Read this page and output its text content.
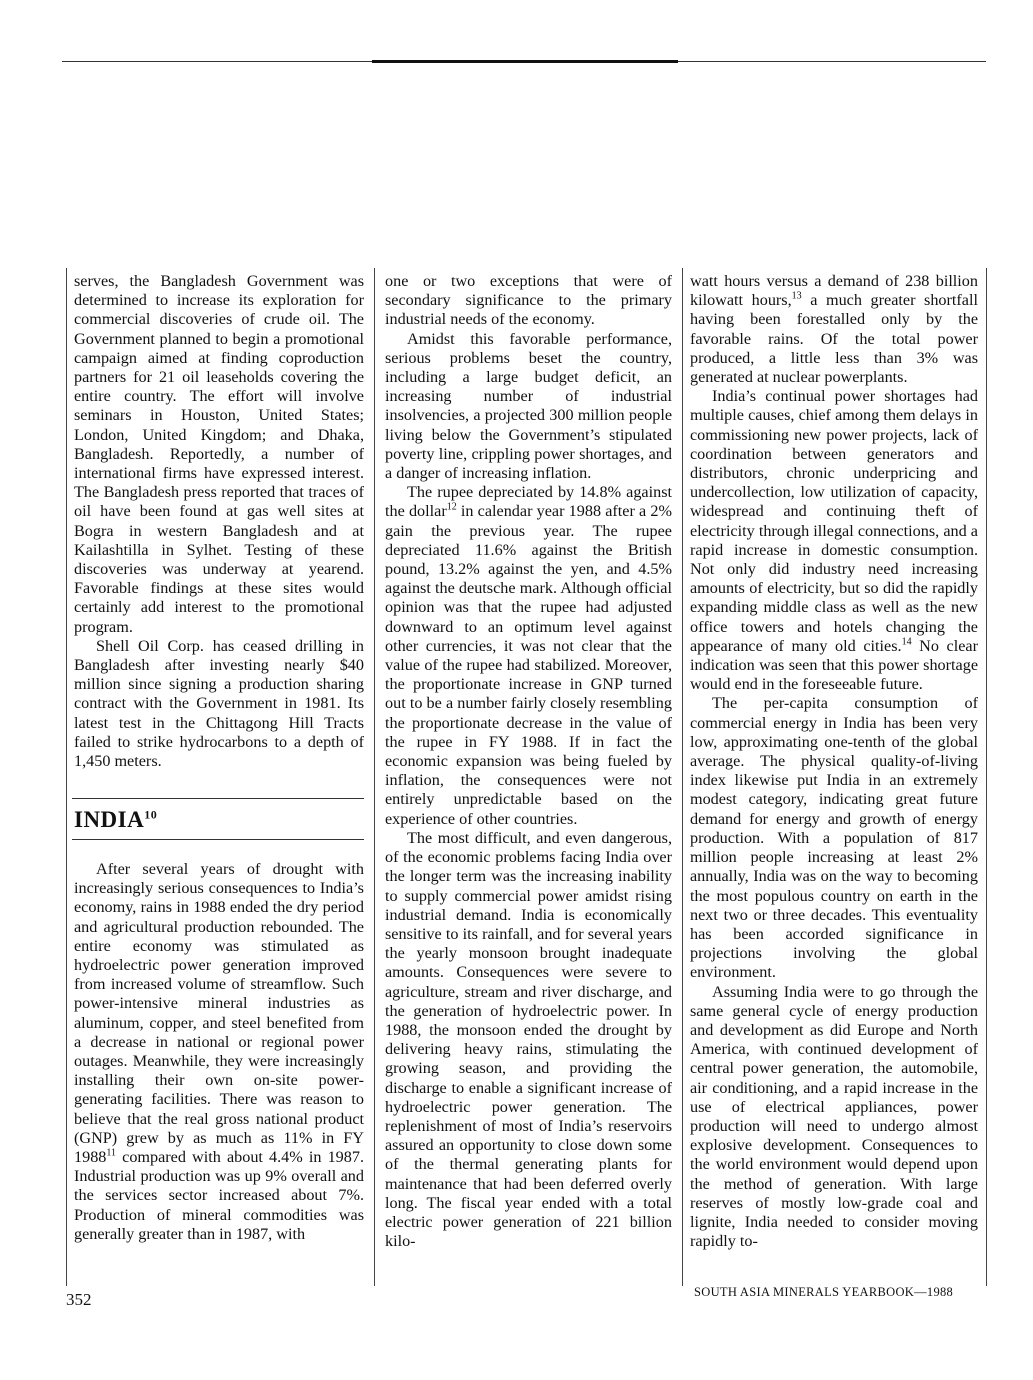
serves, the Bangladesh Government was determined to increase its exploration for commercial discoveries of crude oil. The Government planned to begin a promotional campaign aimed at finding coproduction partners for 21 oil leaseholds covering the entire country. The effort will involve seminars in Houston, United States; London, United Kingdom; and Dhaka, Bangladesh. Reportedly, a number of international firms have expressed interest. The Bangladesh press reported that traces of oil have been found at gas well sites at Bogra in western Bangladesh and at Kailashtilla in Sylhet. Testing of these discoveries was underway at yearend. Favorable findings at these sites would certainly add interest to the promotional program.

Shell Oil Corp. has ceased drilling in Bangladesh after investing nearly $40 million since signing a production sharing contract with the Government in 1981. Its latest test in the Chittagong Hill Tracts failed to strike hydrocarbons to a depth of 1,450 meters.

INDIA$^{10}$

After several years of drought with increasingly serious consequences to India’s economy, rains in 1988 ended the dry period and agricultural production rebounded. The entire economy was stimulated as hydroelectric power generation improved from increased volume of streamflow. Such power-intensive mineral industries as aluminum, copper, and steel benefited from a decrease in national or regional power outages. Meanwhile, they were increasingly installing their own on-site power-generating facilities. There was reason to believe that the real gross national product (GNP) grew by as much as 11% in FY 1988$^{11}$ compared with about 4.4% in 1987. Industrial production was up 9% overall and the services sector increased about 7%. Production of mineral commodities was generally greater than in 1987, with

one or two exceptions that were of secondary significance to the primary industrial needs of the economy.

Amidst this favorable performance, serious problems beset the country, including a large budget deficit, an increasing number of industrial insolvencies, a projected 300 million people living below the Government’s stipulated poverty line, crippling power shortages, and a danger of increasing inflation.

The rupee depreciated by 14.8% against the dollar$^{12}$ in calendar year 1988 after a 2% gain the previous year. The rupee depreciated 11.6% against the British pound, 13.2% against the yen, and 4.5% against the deutsche mark. Although official opinion was that the rupee had adjusted downward to an optimum level against other currencies, it was not clear that the value of the rupee had stabilized. Moreover, the proportionate increase in GNP turned out to be a number fairly closely resembling the proportionate decrease in the value of the rupee in FY 1988. If in fact the economic expansion was being fueled by inflation, the consequences were not entirely unpredictable based on the experience of other countries.

The most difficult, and even dangerous, of the economic problems facing India over the longer term was the increasing inability to supply commercial power amidst rising industrial demand. India is economically sensitive to its rainfall, and for several years the yearly monsoon brought inadequate amounts. Consequences were severe to agriculture, stream and river discharge, and the generation of hydroelectric power. In 1988, the monsoon ended the drought by delivering heavy rains, stimulating the growing season, and providing the discharge to enable a significant increase of hydroelectric power generation. The replenishment of most of India’s reservoirs assured an opportunity to close down some of the thermal generating plants for maintenance that had been deferred overly long. The fiscal year ended with a total electric power generation of 221 billion kilo-

watt hours versus a demand of 238 billion kilowatt hours,$^{13}$ a much greater shortfall having been forestalled only by the favorable rains. Of the total power produced, a little less than 3% was generated at nuclear powerplants.

India’s continual power shortages had multiple causes, chief among them delays in commissioning new power projects, lack of coordination between generators and distributors, chronic underpricing and undercollection, low utilization of capacity, widespread and continuing theft of electricity through illegal connections, and a rapid increase in domestic consumption. Not only did industry need increasing amounts of electricity, but so did the rapidly expanding middle class as well as the new office towers and hotels changing the appearance of many old cities.$^{14}$ No clear indication was seen that this power shortage would end in the foreseeable future.

The per-capita consumption of commercial energy in India has been very low, approximating one-tenth of the global average. The physical quality-of-living index likewise put India in an extremely modest category, indicating great future demand for energy and growth of energy production. With a population of 817 million people increasing at least 2% annually, India was on the way to becoming the most populous country on earth in the next two or three decades. This eventuality has been accorded significance in projections involving the global environment.

Assuming India were to go through the same general cycle of energy production and development as did Europe and North America, with continued development of central power generation, the automobile, air conditioning, and a rapid increase in the use of electrical appliances, power production will need to undergo almost explosive development. Consequences to the world environment would depend upon the method of generation. With large reserves of mostly low-grade coal and lignite, India needed to consider moving rapidly to-

352	SOUTH ASIA MINERALS YEARBOOK—1988
